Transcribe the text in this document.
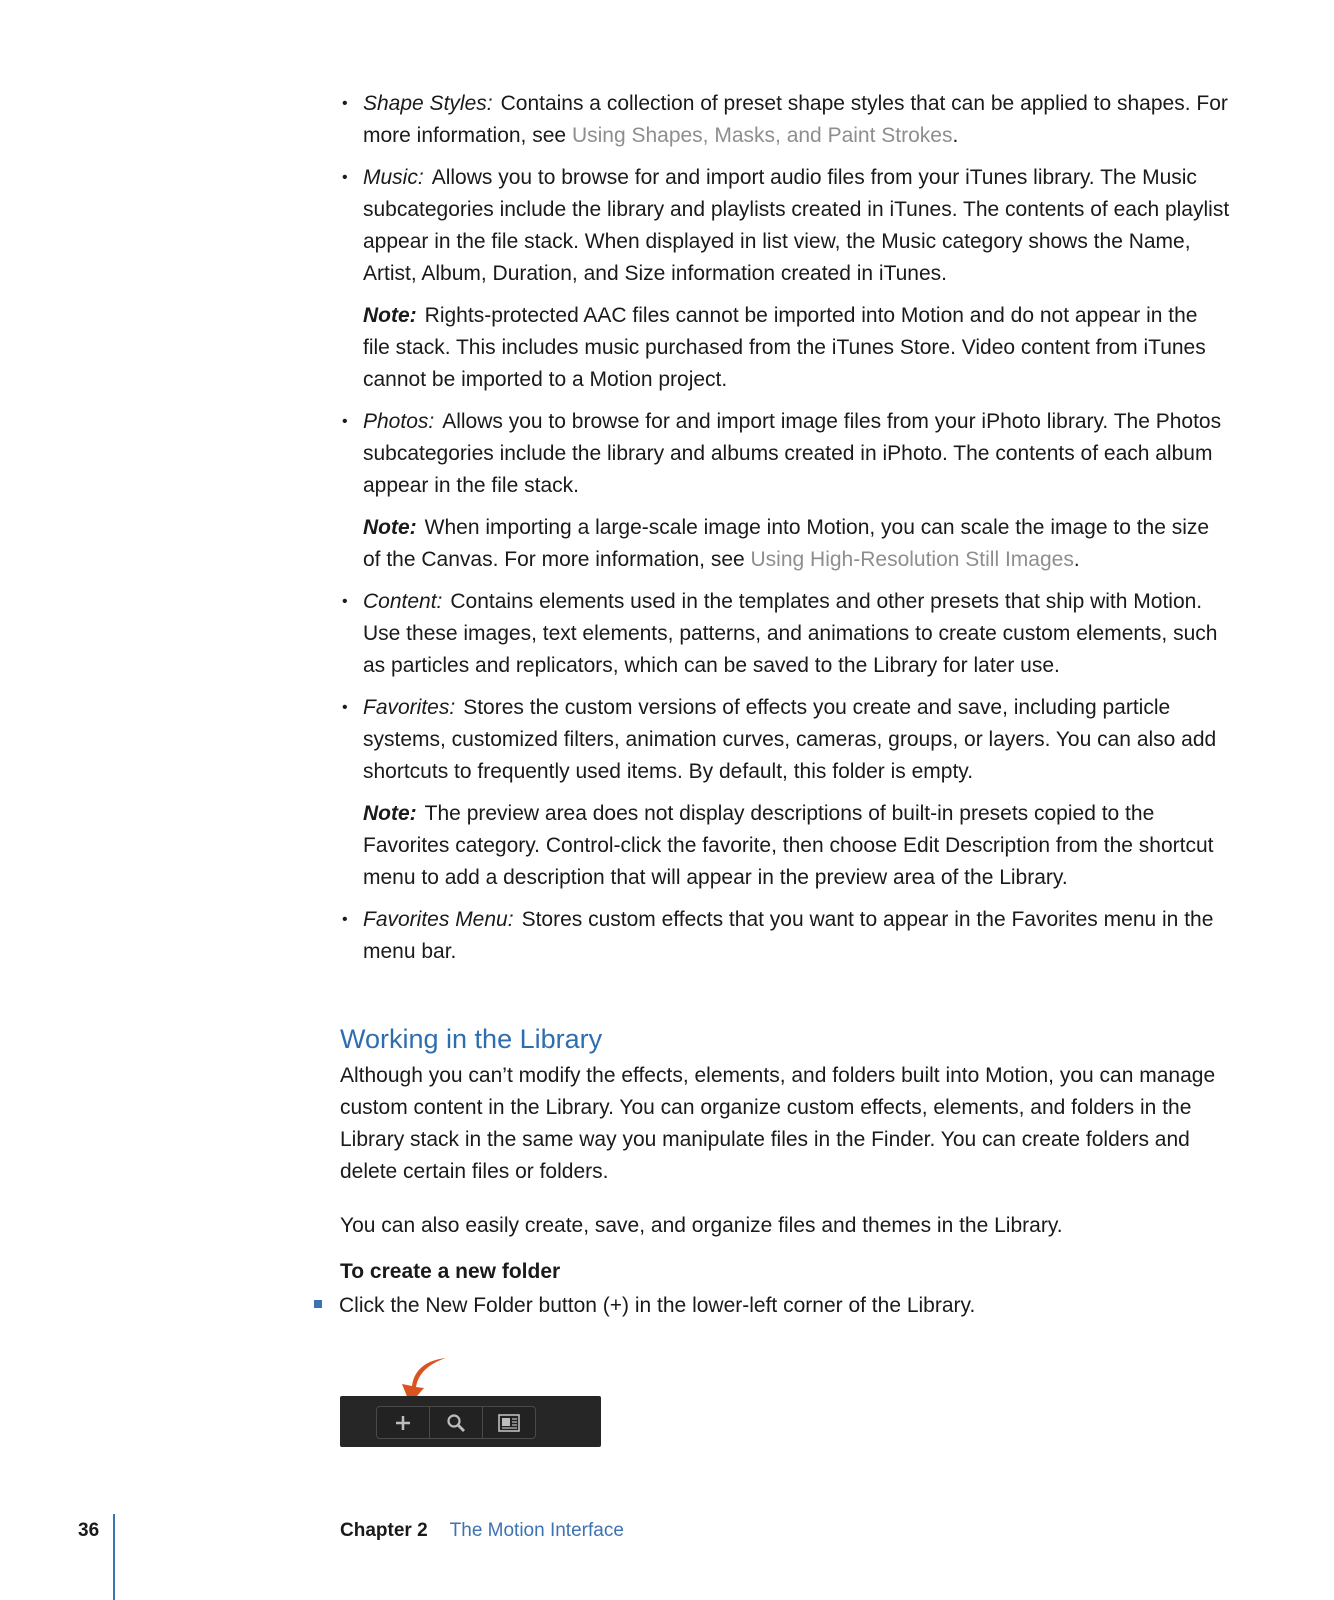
• Shape Styles: Contains a collection of preset shape styles that can be applied to shapes. For more information, see Using Shapes, Masks, and Paint Strokes.
• Music: Allows you to browse for and import audio files from your iTunes library. The Music subcategories include the library and playlists created in iTunes. The contents of each playlist appear in the file stack. When displayed in list view, the Music category shows the Name, Artist, Album, Duration, and Size information created in iTunes.
Note: Rights-protected AAC files cannot be imported into Motion and do not appear in the file stack. This includes music purchased from the iTunes Store. Video content from iTunes cannot be imported to a Motion project.
• Photos: Allows you to browse for and import image files from your iPhoto library. The Photos subcategories include the library and albums created in iPhoto. The contents of each album appear in the file stack.
Note: When importing a large-scale image into Motion, you can scale the image to the size of the Canvas. For more information, see Using High-Resolution Still Images.
• Content: Contains elements used in the templates and other presets that ship with Motion. Use these images, text elements, patterns, and animations to create custom elements, such as particles and replicators, which can be saved to the Library for later use.
• Favorites: Stores the custom versions of effects you create and save, including particle systems, customized filters, animation curves, cameras, groups, or layers. You can also add shortcuts to frequently used items. By default, this folder is empty.
Note: The preview area does not display descriptions of built-in presets copied to the Favorites category. Control-click the favorite, then choose Edit Description from the shortcut menu to add a description that will appear in the preview area of the Library.
• Favorites Menu: Stores custom effects that you want to appear in the Favorites menu in the menu bar.
Working in the Library

Although you can’t modify the effects, elements, and folders built into Motion, you can manage custom content in the Library. You can organize custom effects, elements, and folders in the Library stack in the same way you manipulate files in the Finder. You can create folders and delete certain files or folders.

You can also easily create, save, and organize files and themes in the Library.

To create a new folder
Click the New Folder button (+) in the lower-left corner of the Library.
36	Chapter 2 The Motion Interface
